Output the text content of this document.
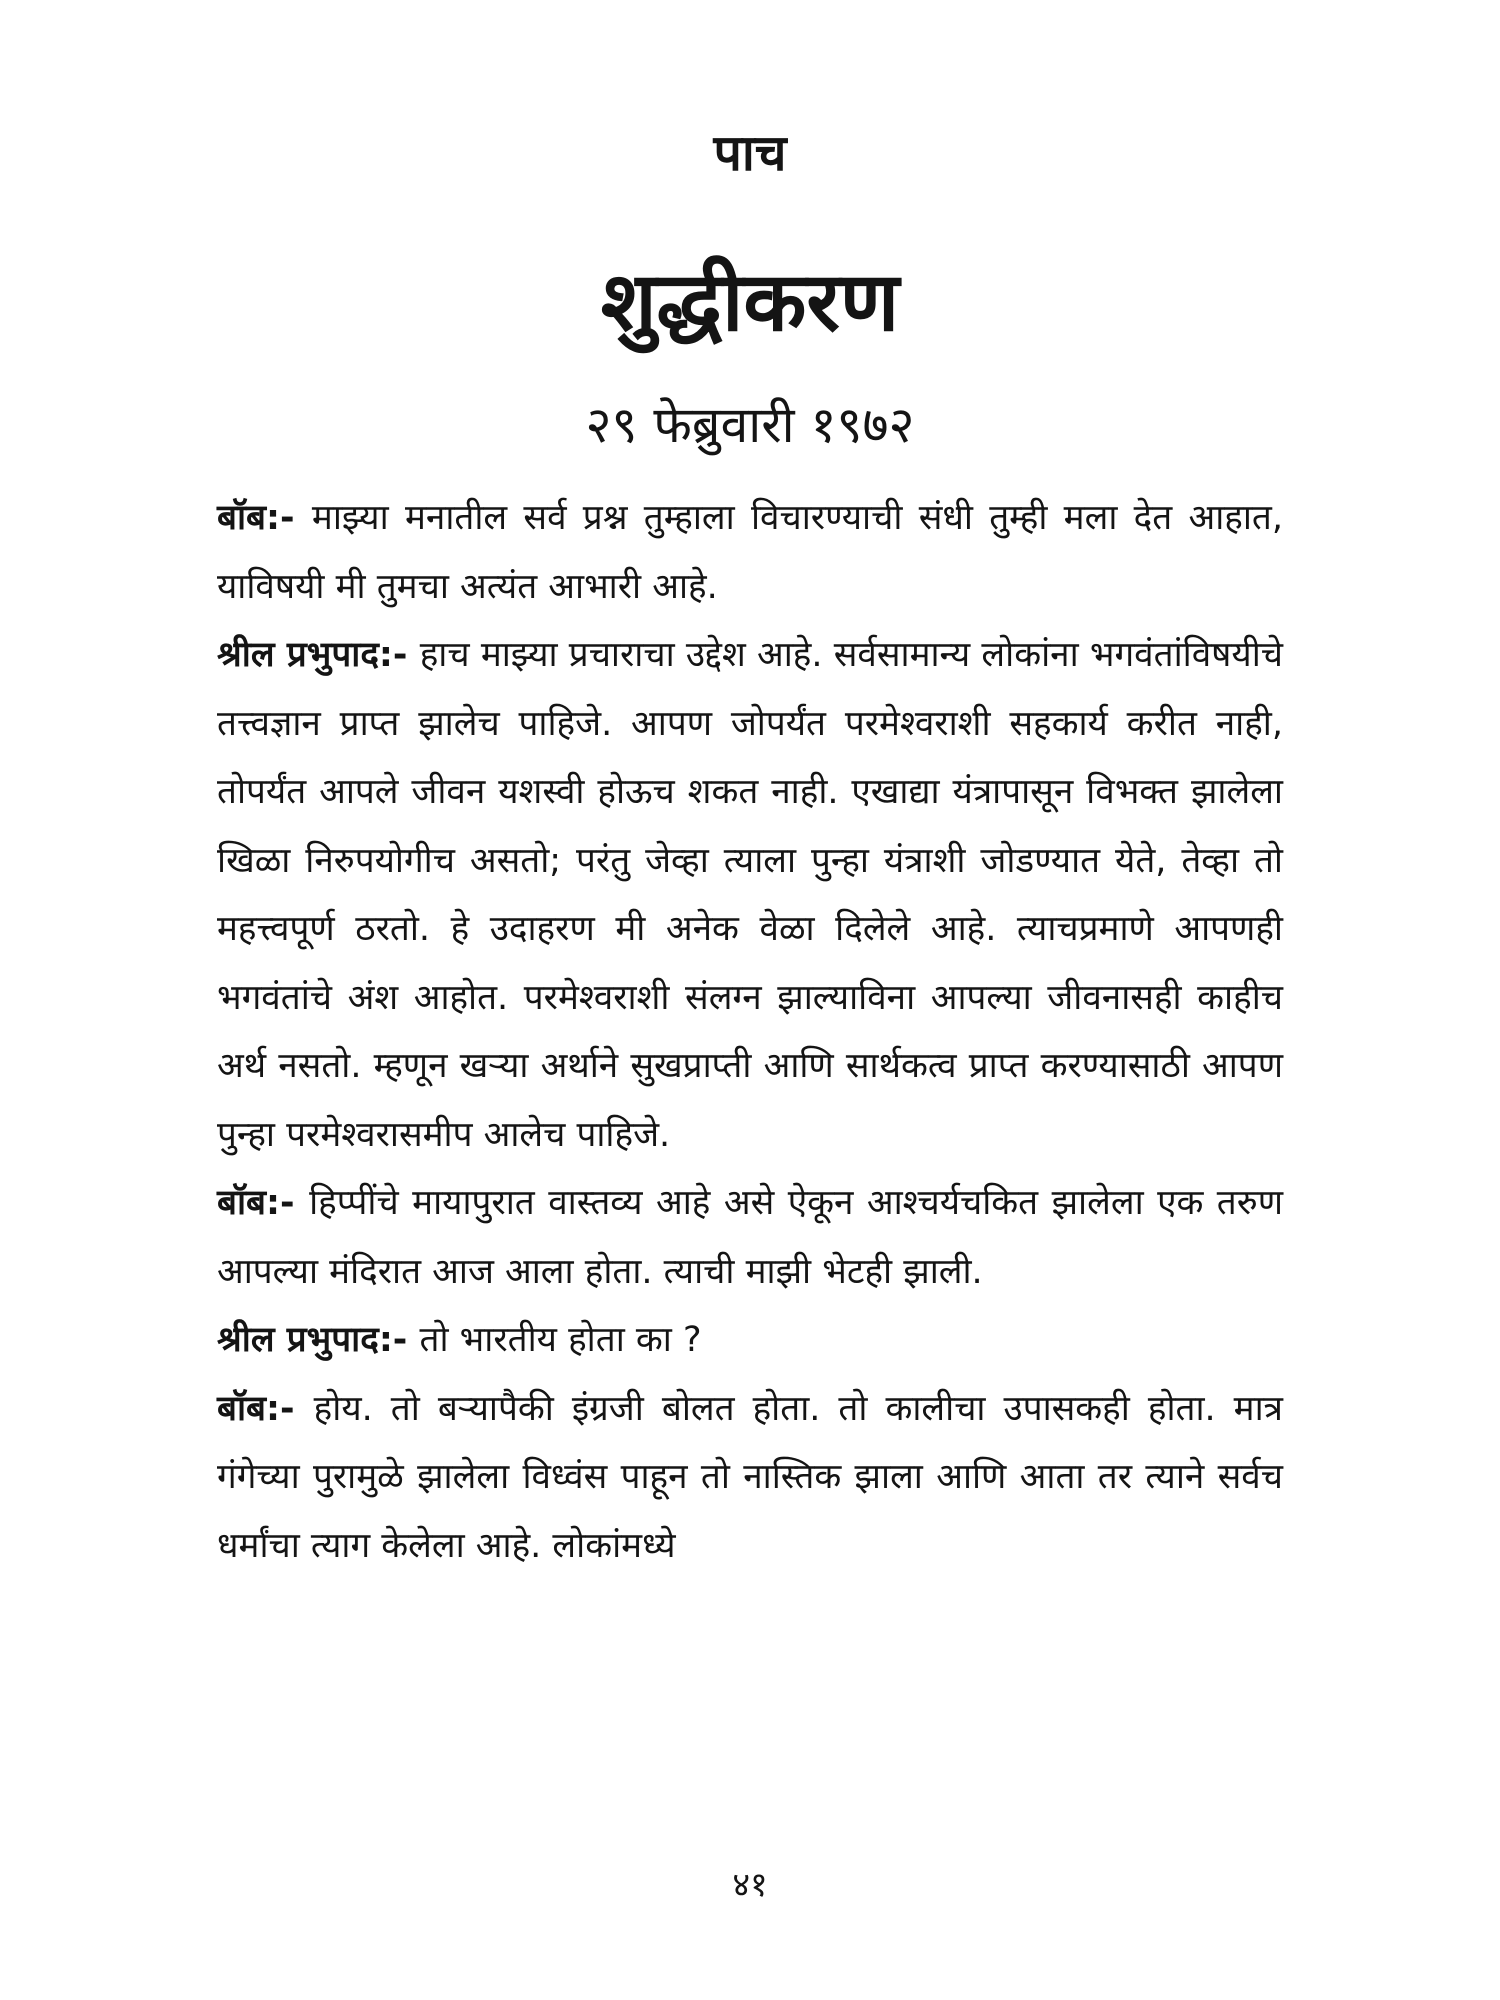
पाच
शुद्धीकरण
२९ फेब्रुवारी १९७२

बॉब:- माझ्या मनातील सर्व प्रश्न तुम्हाला विचारण्याची संधी तुम्ही मला देत आहात, याविषयी मी तुमचा अत्यंत आभारी आहे.

श्रील प्रभुपाद:- हाच माझ्या प्रचाराचा उद्देश आहे. सर्वसामान्य लोकांना भगवंतांविषयीचे तत्त्वज्ञान प्राप्त झालेच पाहिजे. आपण जोपर्यंत परमेश्वराशी सहकार्य करीत नाही, तोपर्यंत आपले जीवन यशस्वी होऊच शकत नाही. एखाद्या यंत्रापासून विभक्त झालेला खिळा निरुपयोगीच असतो; परंतु जेव्हा त्याला पुन्हा यंत्राशी जोडण्यात येते, तेव्हा तो महत्त्वपूर्ण ठरतो. हे उदाहरण मी अनेक वेळा दिलेले आहे. त्याचप्रमाणे आपणही भगवंतांचे अंश आहोत. परमेश्वराशी संलग्न झाल्याविना आपल्या जीवनासही काहीच अर्थ नसतो. म्हणून खऱ्या अर्थाने सुखप्राप्ती आणि सार्थकत्व प्राप्त करण्यासाठी आपण पुन्हा परमेश्वरासमीप आलेच पाहिजे.

बॉब:- हिप्पींचे मायापुरात वास्तव्य आहे असे ऐकून आश्चर्यचकित झालेला एक तरुण आपल्या मंदिरात आज आला होता. त्याची माझी भेटही झाली.

श्रील प्रभुपाद:- तो भारतीय होता का ?

बॉब:- होय. तो बऱ्यापैकी इंग्रजी बोलत होता. तो कालीचा उपासकही होता. मात्र गंगेच्या पुरामुळे झालेला विध्वंस पाहून तो नास्तिक झाला आणि आता तर त्याने सर्वच धर्मांचा त्याग केलेला आहे. लोकांमध्ये

४१
